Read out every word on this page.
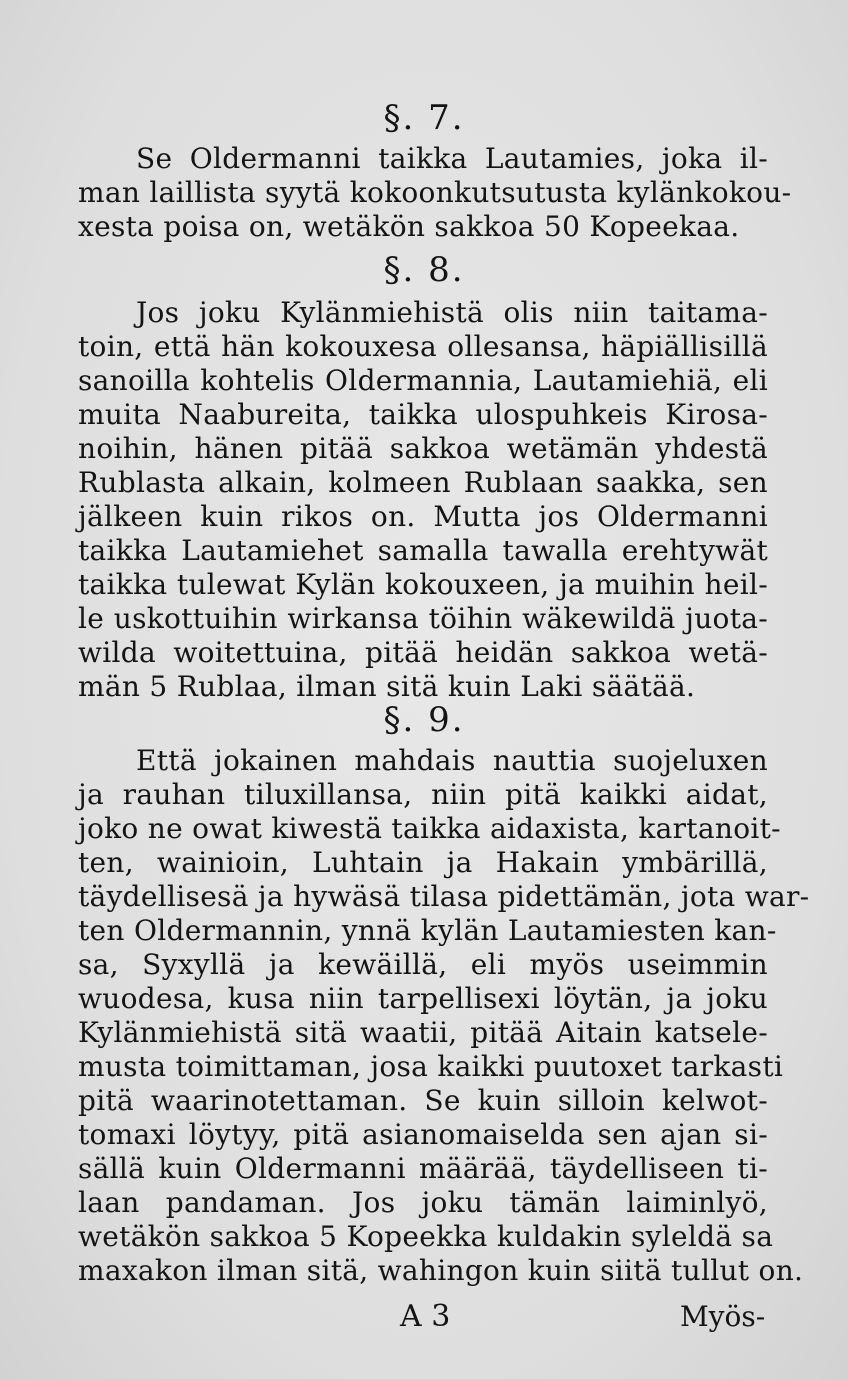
§. 7.
Se Oldermanni taikka Lautamies, joka il-
man laillista syytä kokoonkutsutusta kylänkokou-
xesta poisa on, wetäkön sakkoa 50 Kopeekaa.
§. 8.
Jos joku Kylänmiehistä olis niin taitama-
toin, että hän kokouxesa ollesansa, häpiällisillä
sanoilla kohtelis Oldermannia, Lautamiehiä, eli
muita Naabureita, taikka ulospuhkeis Kirosa-
noihin, hänen pitää sakkoa wetämän yhdestä
Rublasta alkain, kolmeen Rublaan saakka, sen
jälkeen kuin rikos on. Mutta jos Oldermanni
taikka Lautamiehet samalla tawalla erehtywät
taikka tulewat Kylän kokouxeen, ja muihin heil-
le uskottuihin wirkansa töihin wäkewildä juota-
wilda woitettuina, pitää heidän sakkoa wetä-
män 5 Rublaa, ilman sitä kuin Laki säätää.
§. 9.
Että jokainen mahdais nauttia suojeluxen
ja rauhan tiluxillansa, niin pitä kaikki aidat,
joko ne owat kiwestä taikka aidaxista, kartanoit-
ten, wainioin, Luhtain ja Hakain ymbärillä,
täydellisesä ja hywäsä tilasa pidettämän, jota war-
ten Oldermannin, ynnä kylän Lautamiesten kan-
sa, Syxyllä ja kewäillä, eli myös useimmin
wuodesa, kusa niin tarpellisexi löytän, ja joku
Kylänmiehistä sitä waatii, pitää Aitain katsele-
musta toimittaman, josa kaikki puutoxet tarkasti
pitä waarinotettaman. Se kuin silloin kelwot-
tomaxi löytyy, pitä asianomaiselda sen ajan si-
sällä kuin Oldermanni määrää, täydelliseen ti-
laan pandaman. Jos joku tämän laiminlyö,
wetäkön sakkoa 5 Kopeekka kuldakin syleldä sa
maxakon ilman sitä, wahingon kuin siitä tullut on.
A 3	Myös-
